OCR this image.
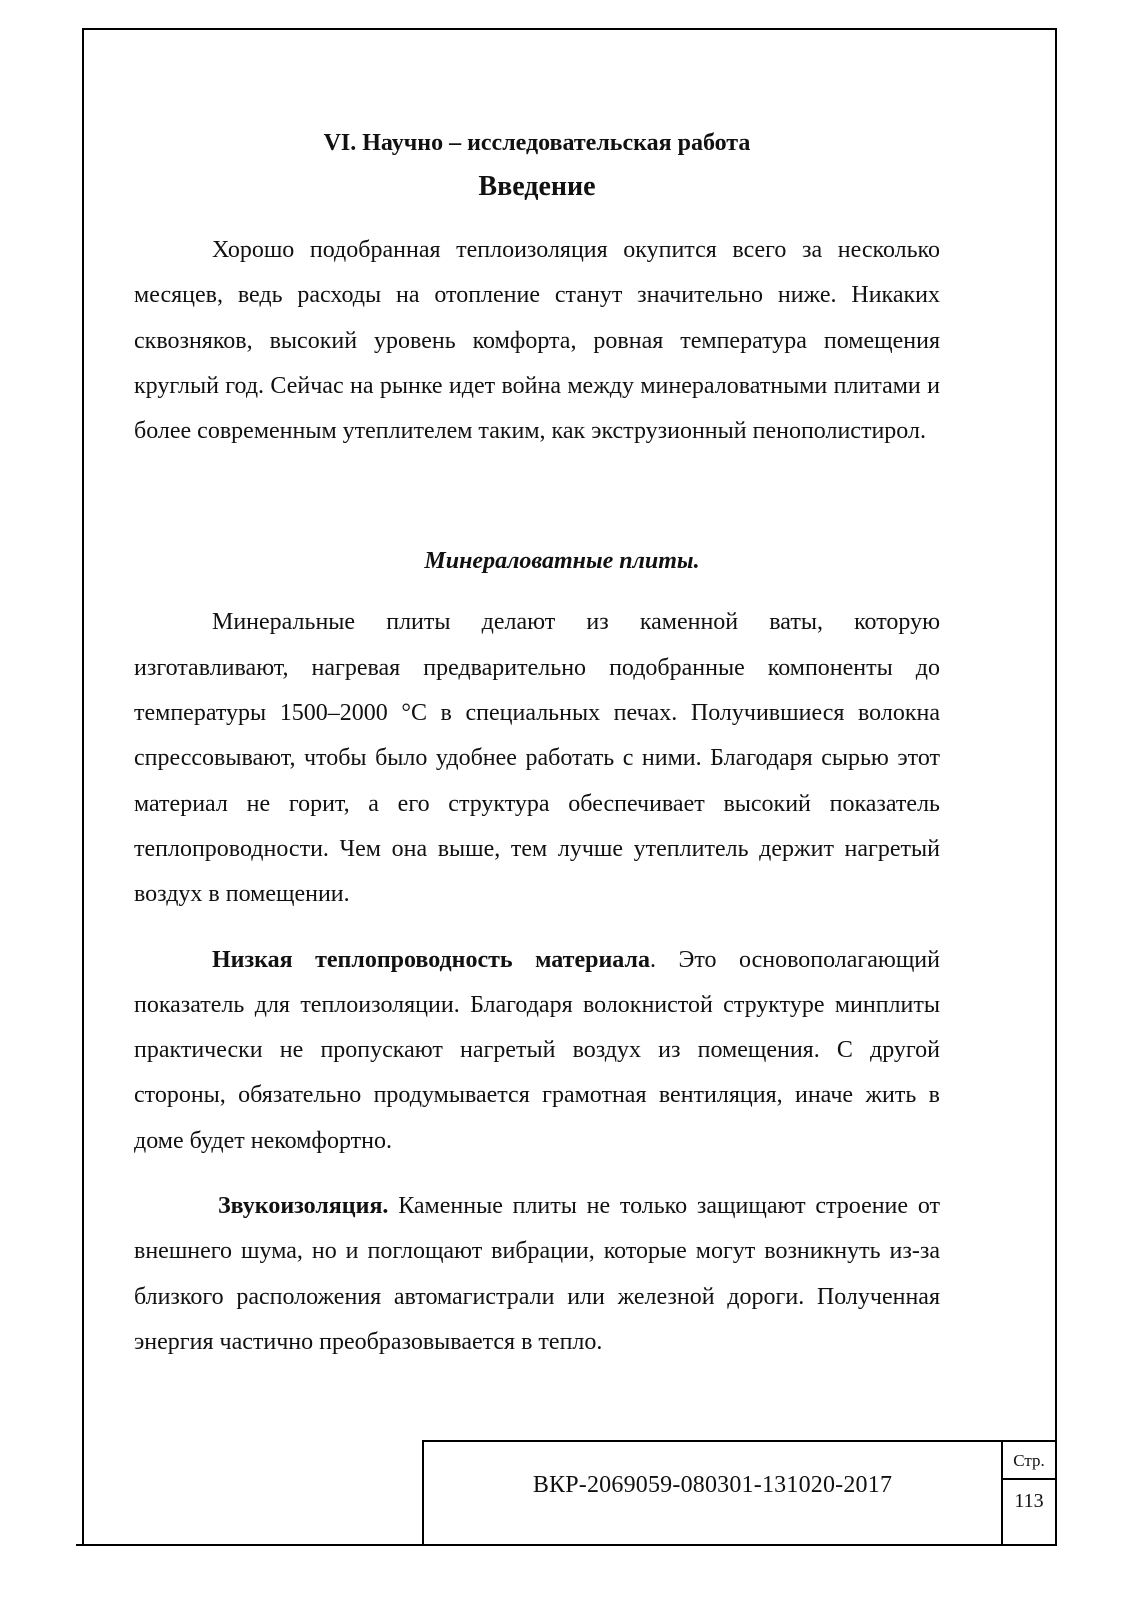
VI. Научно – исследовательская работа
Введение

Хорошо подобранная теплоизоляция окупится всего за несколько месяцев, ведь расходы на отопление станут значительно ниже. Никаких сквозняков, высокий уровень комфорта, ровная температура помещения круглый год. Сейчас на рынке идет война между минераловатными плитами и более современным утеплителем таким, как экструзионный пенополистирол.

Минераловатные плиты.

Минеральные плиты делают из каменной ваты, которую изготавливают, нагревая предварительно подобранные компоненты до температуры 1500–2000 °С в специальных печах. Получившиеся волокна спрессовывают, чтобы было удобнее работать с ними. Благодаря сырью этот материал не горит, а его структура обеспечивает высокий показатель теплопроводности. Чем она выше, тем лучше утеплитель держит нагретый воздух в помещении.

Низкая теплопроводность материала. Это основополагающий показатель для теплоизоляции. Благодаря волокнистой структуре минплиты практически не пропускают нагретый воздух из помещения. С другой стороны, обязательно продумывается грамотная вентиляция, иначе жить в доме будет некомфортно.

Звукоизоляция. Каменные плиты не только защищают строение от внешнего шума, но и поглощают вибрации, которые могут возникнуть из-за близкого расположения автомагистрали или железной дороги. Полученная энергия частично преобразовывается в тепло.

ВКР-2069059-080301-131020-2017
Стр.
113
